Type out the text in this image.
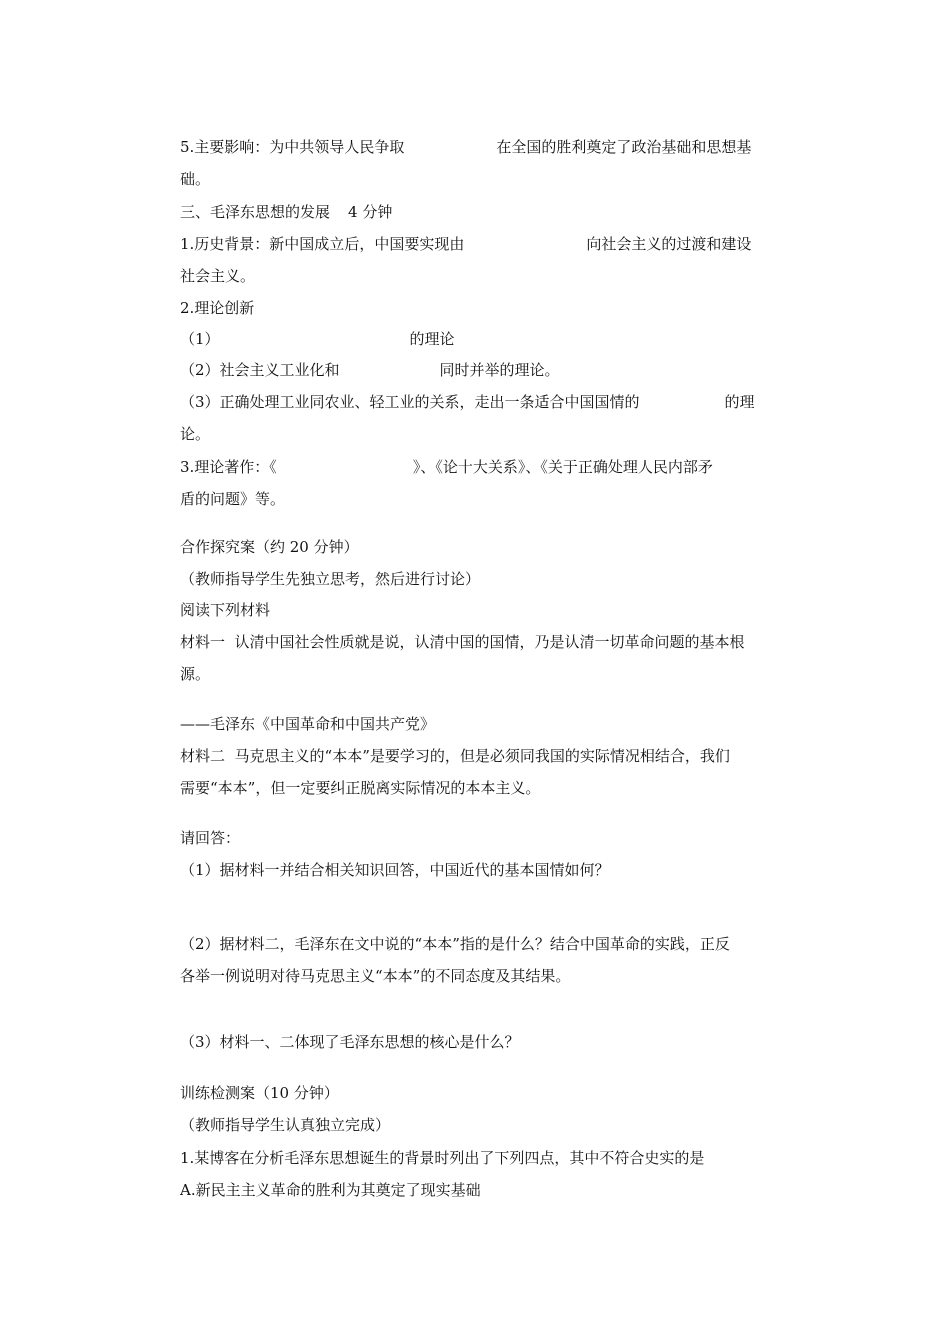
5.主要影响：为中共领导人民争取	在全国的胜利奠定了政治基础和思想基
础。
三、毛泽东思想的发展 4 分钟
1.历史背景：新中国成立后，中国要实现由	向社会主义的过渡和建设
社会主义。
2.理论创新
（1）	的理论
（2）社会主义工业化和	同时并举的理论。
（3）正确处理工业同农业、轻工业的关系，走出一条适合中国国情的	的理
论。
3.理论著作：《	》、《论十大关系》、《关于正确处理人民内部矛
盾的问题》等。
合作探究案（约 20 分钟）
（教师指导学生先独立思考，然后进行讨论）
阅读下列材料
材料一  认清中国社会性质就是说，认清中国的国情，乃是认清一切革命问题的基本根
源。
——毛泽东《中国革命和中国共产党》
材料二  马克思主义的“本本”是要学习的，但是必须同我国的实际情况相结合，我们
需要“本本”，但一定要纠正脱离实际情况的本本主义。
请回答：
（1）据材料一并结合相关知识回答，中国近代的基本国情如何？
（2）据材料二，毛泽东在文中说的“本本”指的是什么？结合中国革命的实践，正反
各举一例说明对待马克思主义“本本”的不同态度及其结果。
（3）材料一、二体现了毛泽东思想的核心是什么？
训练检测案（10 分钟）
（教师指导学生认真独立完成）
1.某博客在分析毛泽东思想诞生的背景时列出了下列四点，其中不符合史实的是
A.新民主主义革命的胜利为其奠定了现实基础
